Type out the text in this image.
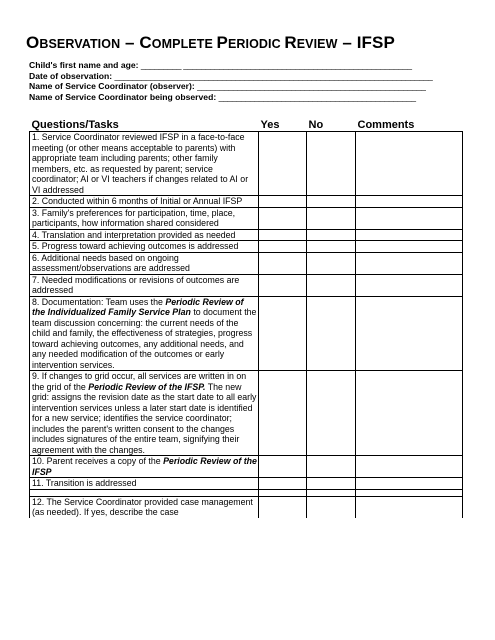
OBSERVATION – COMPLETE PERIODIC REVIEW – IFSP
Child's first name and age: _________ ___________________________________________________
Date of observation: _______________________________________________________________________
Name of Service Coordinator (observer): ___________________________________________________
Name of Service Coordinator being observed: ____________________________________________
Questions/Tasks	Yes	No	Comments
1. Service Coordinator reviewed IFSP in a face-to-face meeting (or other means acceptable to parents) with appropriate team including parents; other family members, etc. as requested by parent; service coordinator; AI or VI teachers if changes related to AI or VI addressed			
2. Conducted within 6 months of Initial or Annual IFSP			
3. Family's preferences for participation, time, place, participants, how information shared considered			
4. Translation and interpretation provided as needed			
5. Progress toward achieving outcomes is addressed			
6. Additional needs based on ongoing assessment/observations are addressed			
7. Needed modifications or revisions of outcomes are addressed			
8. Documentation: Team uses the Periodic Review of the Individualized Family Service Plan to document the team discussion concerning: the current needs of the child and family, the effectiveness of strategies, progress toward achieving outcomes, any additional needs, and any needed modification of the outcomes or early intervention services.			
9. If changes to grid occur, all services are written in on the grid of the Periodic Review of the IFSP. The new grid: assigns the revision date as the start date to all early intervention services unless a later start date is identified for a new service; identifies the service coordinator; includes the parent's written consent to the changes includes signatures of the entire team, signifying their agreement with the changes.			
10. Parent receives a copy of the Periodic Review of the IFSP			
11. Transition is addressed			

12. The Service Coordinator provided case management (as needed). If yes, describe the case			
